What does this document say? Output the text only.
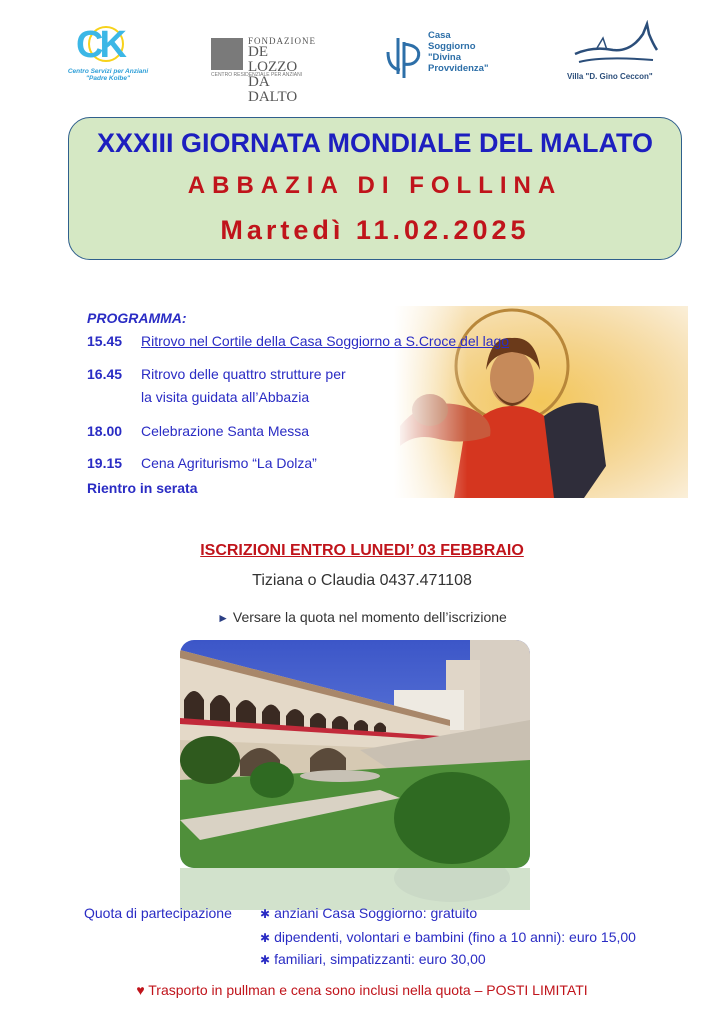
CK
Centro Servizi per Anziani "Padre Kolbe"
FONDAZIONE
DE LOZZO
DA DALTO
CENTRO RESIDENZIALE PER ANZIANI
Casa
Soggiorno
"Divina
Provvidenza"
Villa "D. Gino Ceccon"
XXXIII GIORNATA MONDIALE DEL MALATO
ABBAZIA DI FOLLINA
Martedì 11.02.2025
PROGRAMMA:
15.45 Ritrovo nel Cortile della Casa Soggiorno a S.Croce del lago
16.45 Ritrovo delle quattro strutture per
la visita guidata all’Abbazia
18.00 Celebrazione Santa Messa
19.15 Cena Agriturismo “La Dolza”
Rientro in serata
ISCRIZIONI ENTRO LUNEDI’ 03 FEBBRAIO
Tiziana o Claudia 0437.471108
► Versare la quota nel momento dell’iscrizione
Quota di partecipazione ✱ anziani Casa Soggiorno: gratuito
✱ dipendenti, volontari e bambini (fino a 10 anni): euro 15,00
✱ familiari, simpatizzanti: euro 30,00
♥ Trasporto in pullman e cena sono inclusi nella quota – POSTI LIMITATI
